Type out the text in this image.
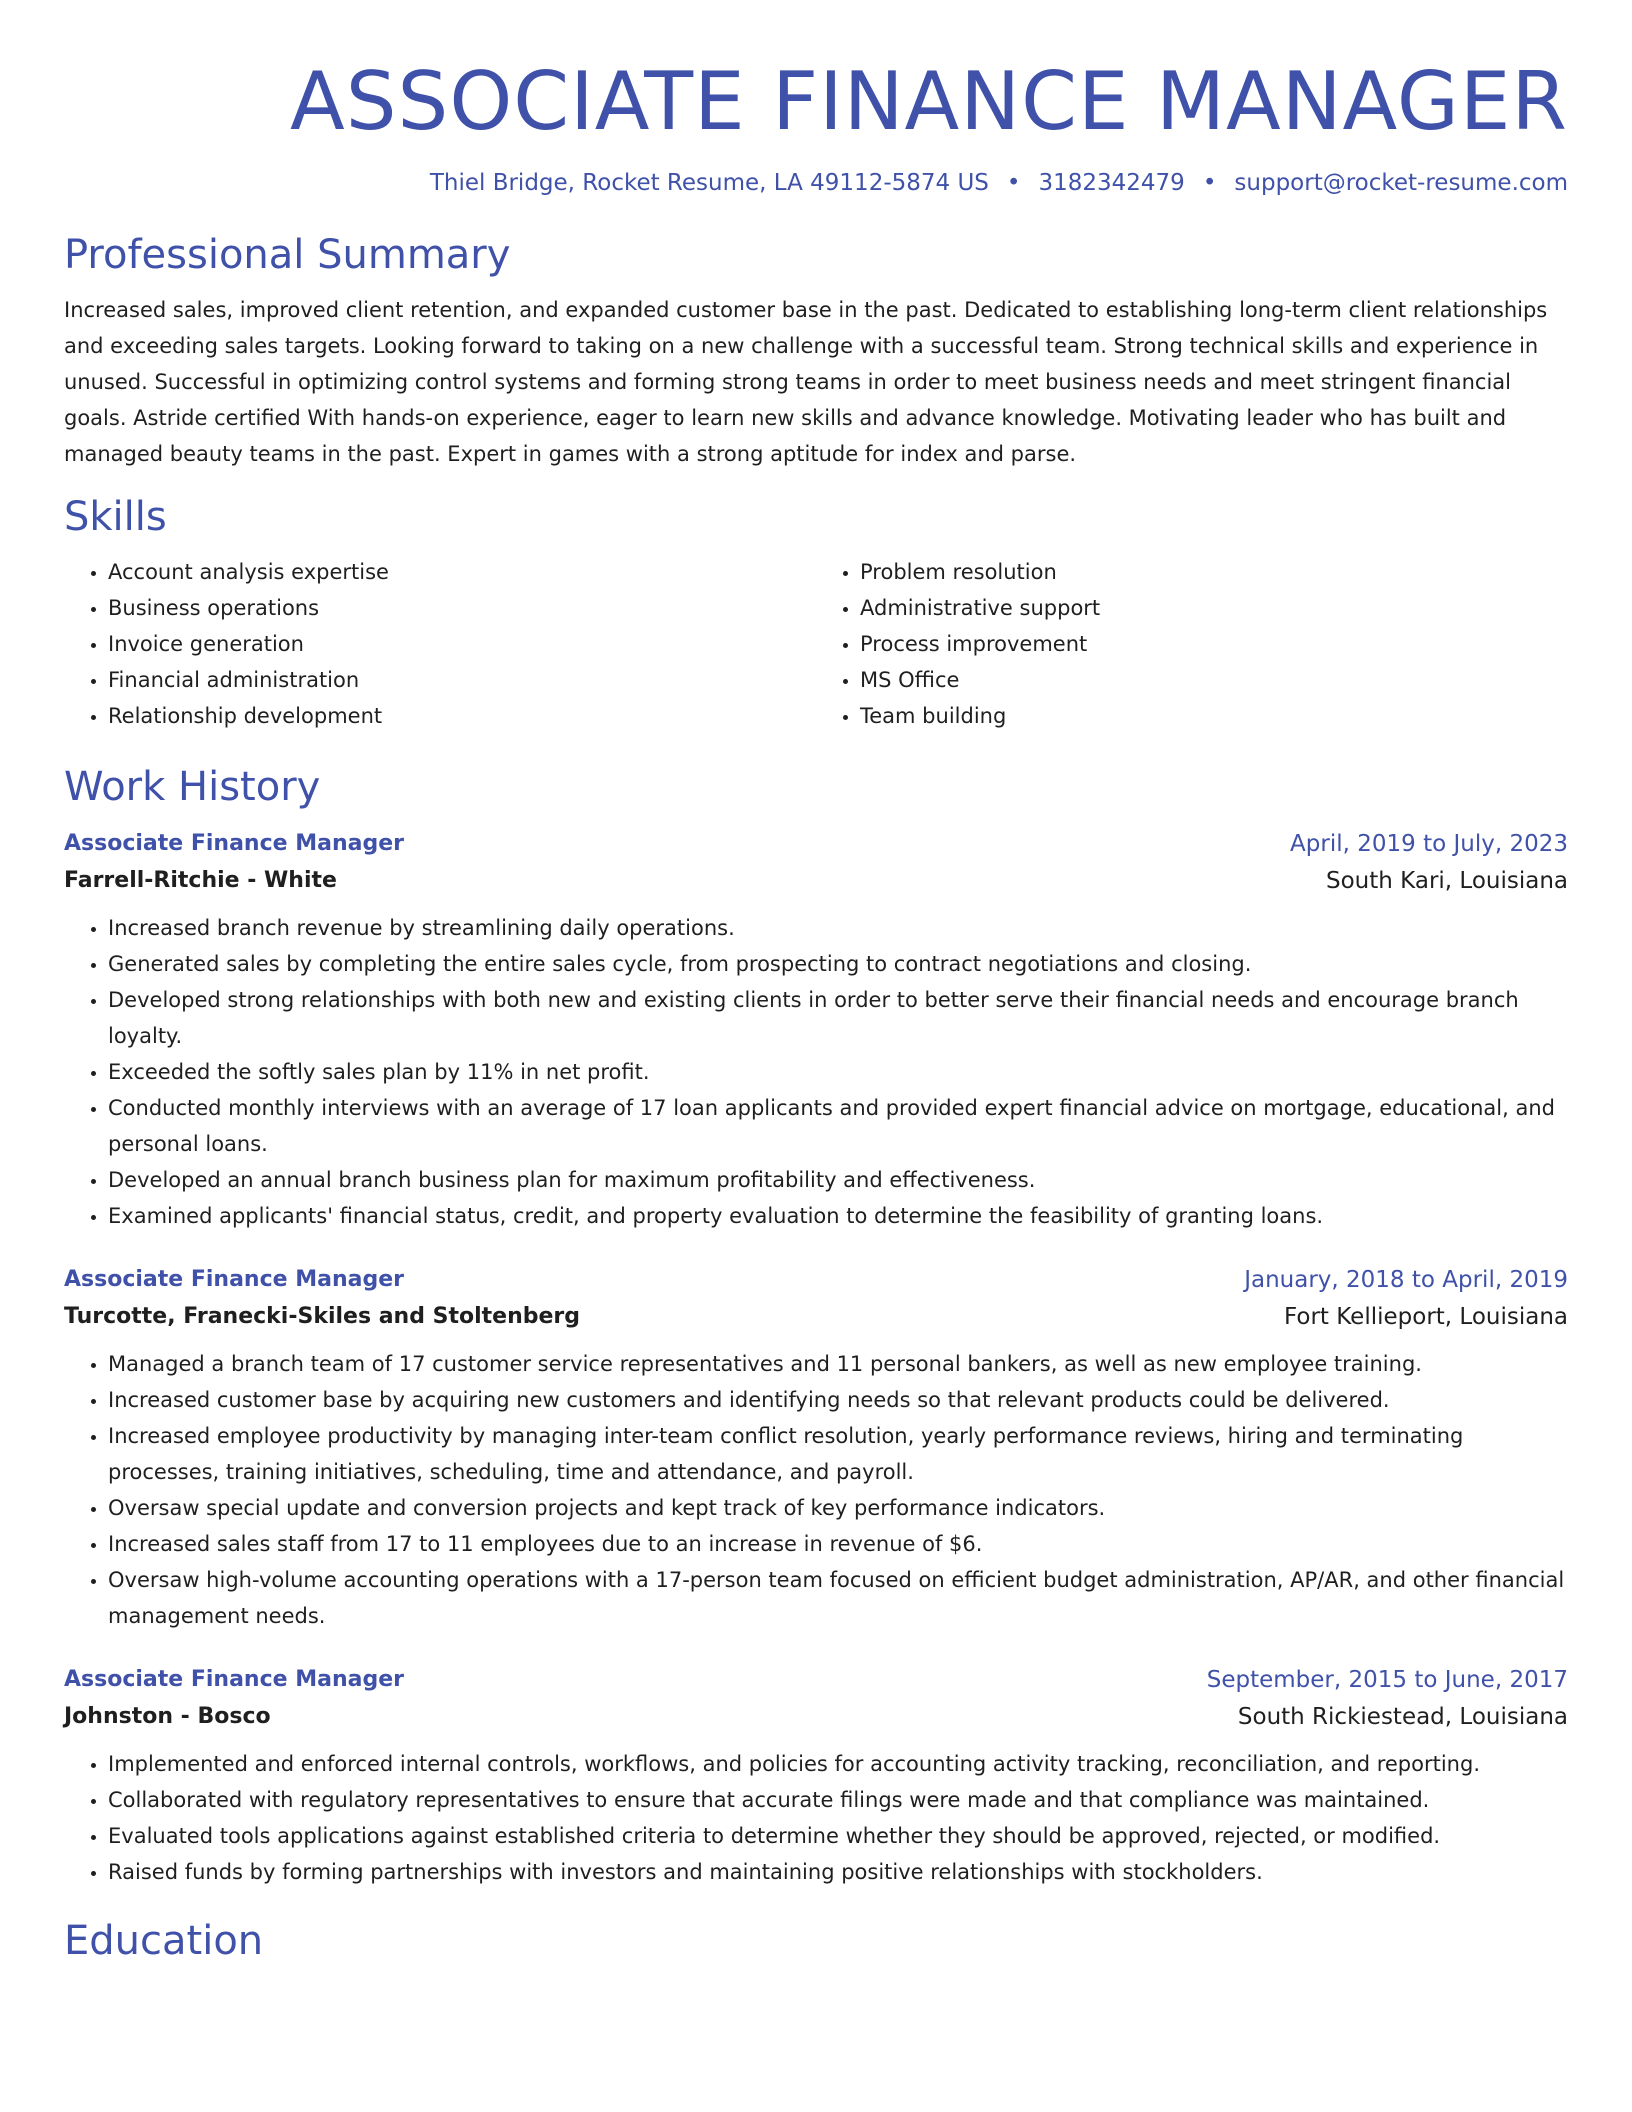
ASSOCIATE FINANCE MANAGER
Thiel Bridge, Rocket Resume, LA 49112-5874 US • 3182342479 • support@rocket-resume.com
Professional Summary

Increased sales, improved client retention, and expanded customer base in the past. Dedicated to establishing long-term client relationships and exceeding sales targets. Looking forward to taking on a new challenge with a successful team. Strong technical skills and experience in unused. Successful in optimizing control systems and forming strong teams in order to meet business needs and meet stringent financial goals. Astride certified With hands-on experience, eager to learn new skills and advance knowledge. Motivating leader who has built and managed beauty teams in the past. Expert in games with a strong aptitude for index and parse.

Skills
• Account analysis expertise
• Business operations
• Invoice generation
• Financial administration
• Relationship development
• Problem resolution
• Administrative support
• Process improvement
• MS Office
• Team building
Work History
Associate Finance Manager	April, 2019 to July, 2023
Farrell-Ritchie - White	South Kari, Louisiana
• Increased branch revenue by streamlining daily operations.
• Generated sales by completing the entire sales cycle, from prospecting to contract negotiations and closing.
• Developed strong relationships with both new and existing clients in order to better serve their financial needs and encourage branch loyalty.
• Exceeded the softly sales plan by 11% in net profit.
• Conducted monthly interviews with an average of 17 loan applicants and provided expert financial advice on mortgage, educational, and personal loans.
• Developed an annual branch business plan for maximum profitability and effectiveness.
• Examined applicants' financial status, credit, and property evaluation to determine the feasibility of granting loans.
Associate Finance Manager	January, 2018 to April, 2019
Turcotte, Franecki-Skiles and Stoltenberg	Fort Kellieport, Louisiana
• Managed a branch team of 17 customer service representatives and 11 personal bankers, as well as new employee training.
• Increased customer base by acquiring new customers and identifying needs so that relevant products could be delivered.
• Increased employee productivity by managing inter-team conflict resolution, yearly performance reviews, hiring and terminating processes, training initiatives, scheduling, time and attendance, and payroll.
• Oversaw special update and conversion projects and kept track of key performance indicators.
• Increased sales staff from 17 to 11 employees due to an increase in revenue of $6.
• Oversaw high-volume accounting operations with a 17-person team focused on efficient budget administration, AP/AR, and other financial management needs.
Associate Finance Manager	September, 2015 to June, 2017
Johnston - Bosco	South Rickiestead, Louisiana
• Implemented and enforced internal controls, workflows, and policies for accounting activity tracking, reconciliation, and reporting.
• Collaborated with regulatory representatives to ensure that accurate filings were made and that compliance was maintained.
• Evaluated tools applications against established criteria to determine whether they should be approved, rejected, or modified.
• Raised funds by forming partnerships with investors and maintaining positive relationships with stockholders.
Education
